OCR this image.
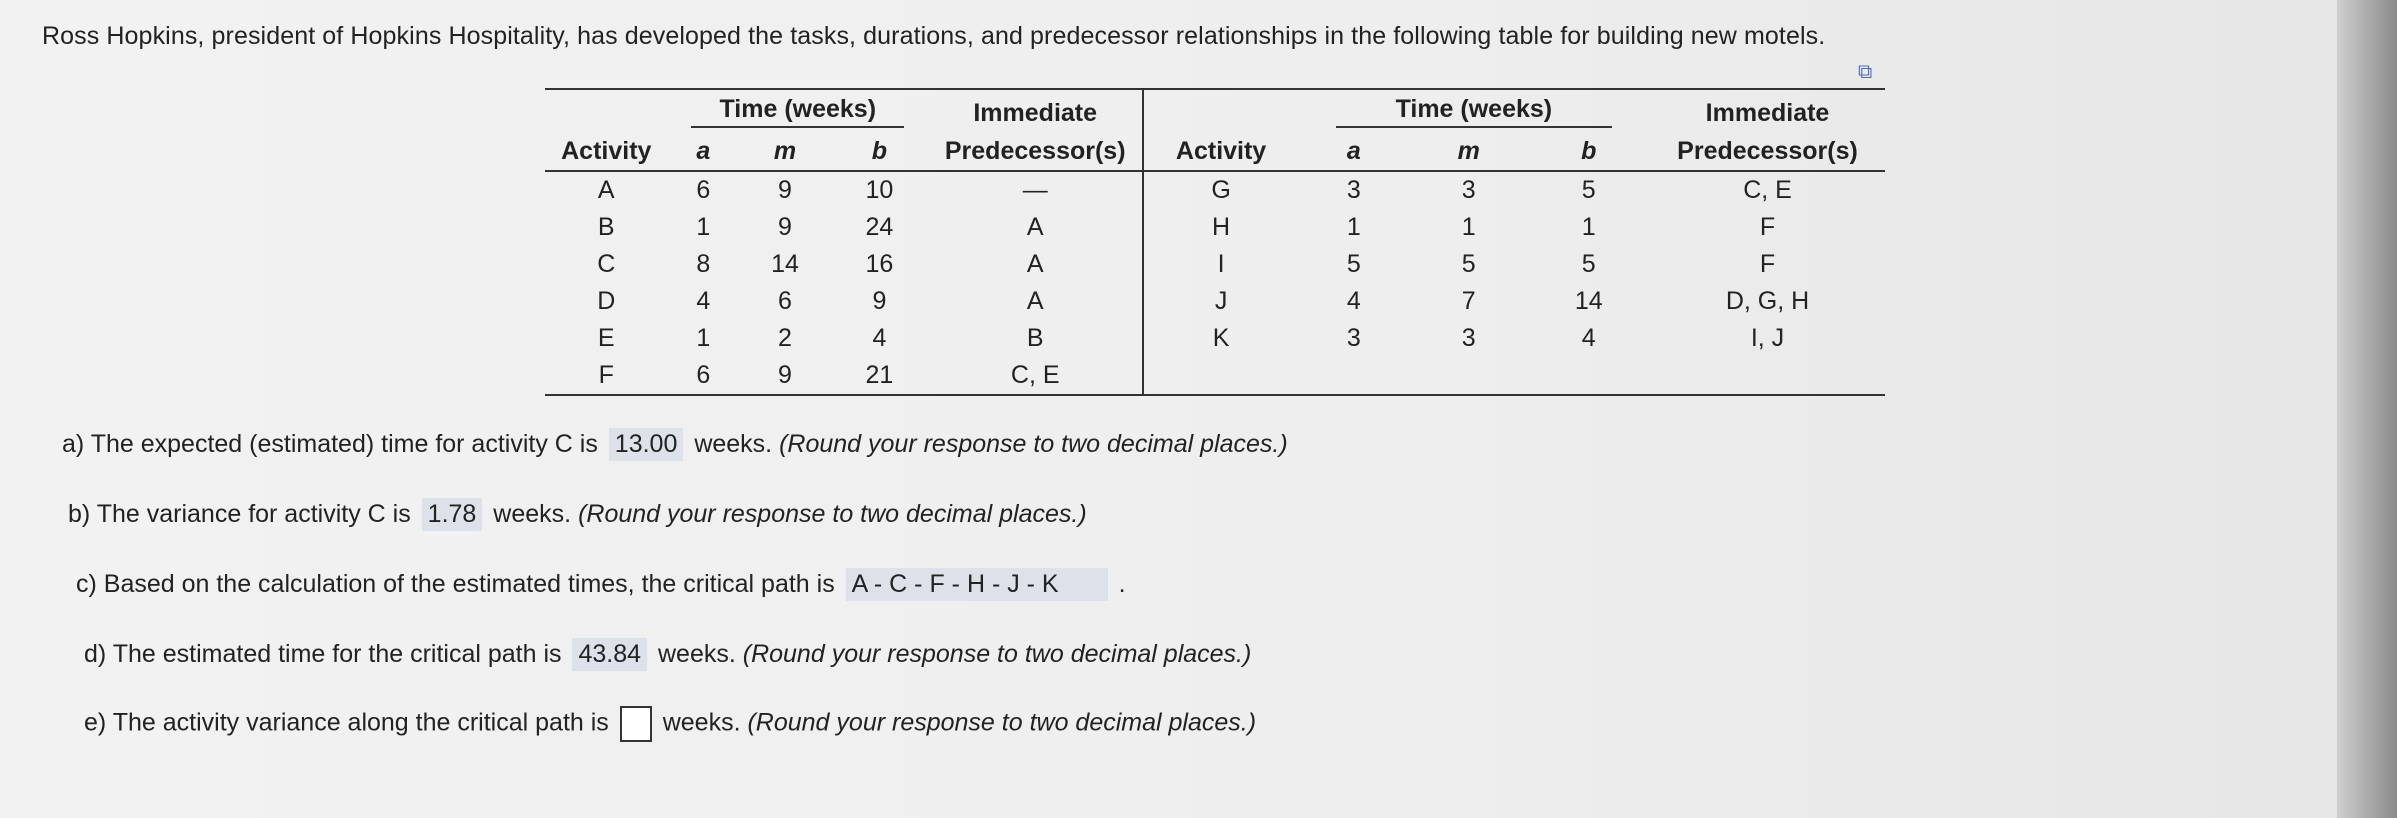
Ross Hopkins, president of Hopkins Hospitality, has developed the tasks, durations, and predecessor relationships in the following table for building new motels.
⧉
	Time (weeks)			Immediate		Time (weeks)			Immediate
Activity	a	m	b	Predecessor(s)	Activity	a	m	b	Predecessor(s)
A	6	9	10	—	G	3	3	5	C, E
B	1	9	24	A	H	1	1	1	F
C	8	14	16	A	I	5	5	5	F
D	4	6	9	A	J	4	7	14	D, G, H
E	1	2	4	B	K	3	3	4	I, J
F	6	9	21	C, E					
a) The expected (estimated) time for activity C is 13.00 weeks. (Round your response to two decimal places.)
b) The variance for activity C is 1.78 weeks. (Round your response to two decimal places.)
c) Based on the calculation of the estimated times, the critical path is A - C - F - H - J - K .
d) The estimated time for the critical path is 43.84 weeks. (Round your response to two decimal places.)
e) The activity variance along the critical path is weeks. (Round your response to two decimal places.)
